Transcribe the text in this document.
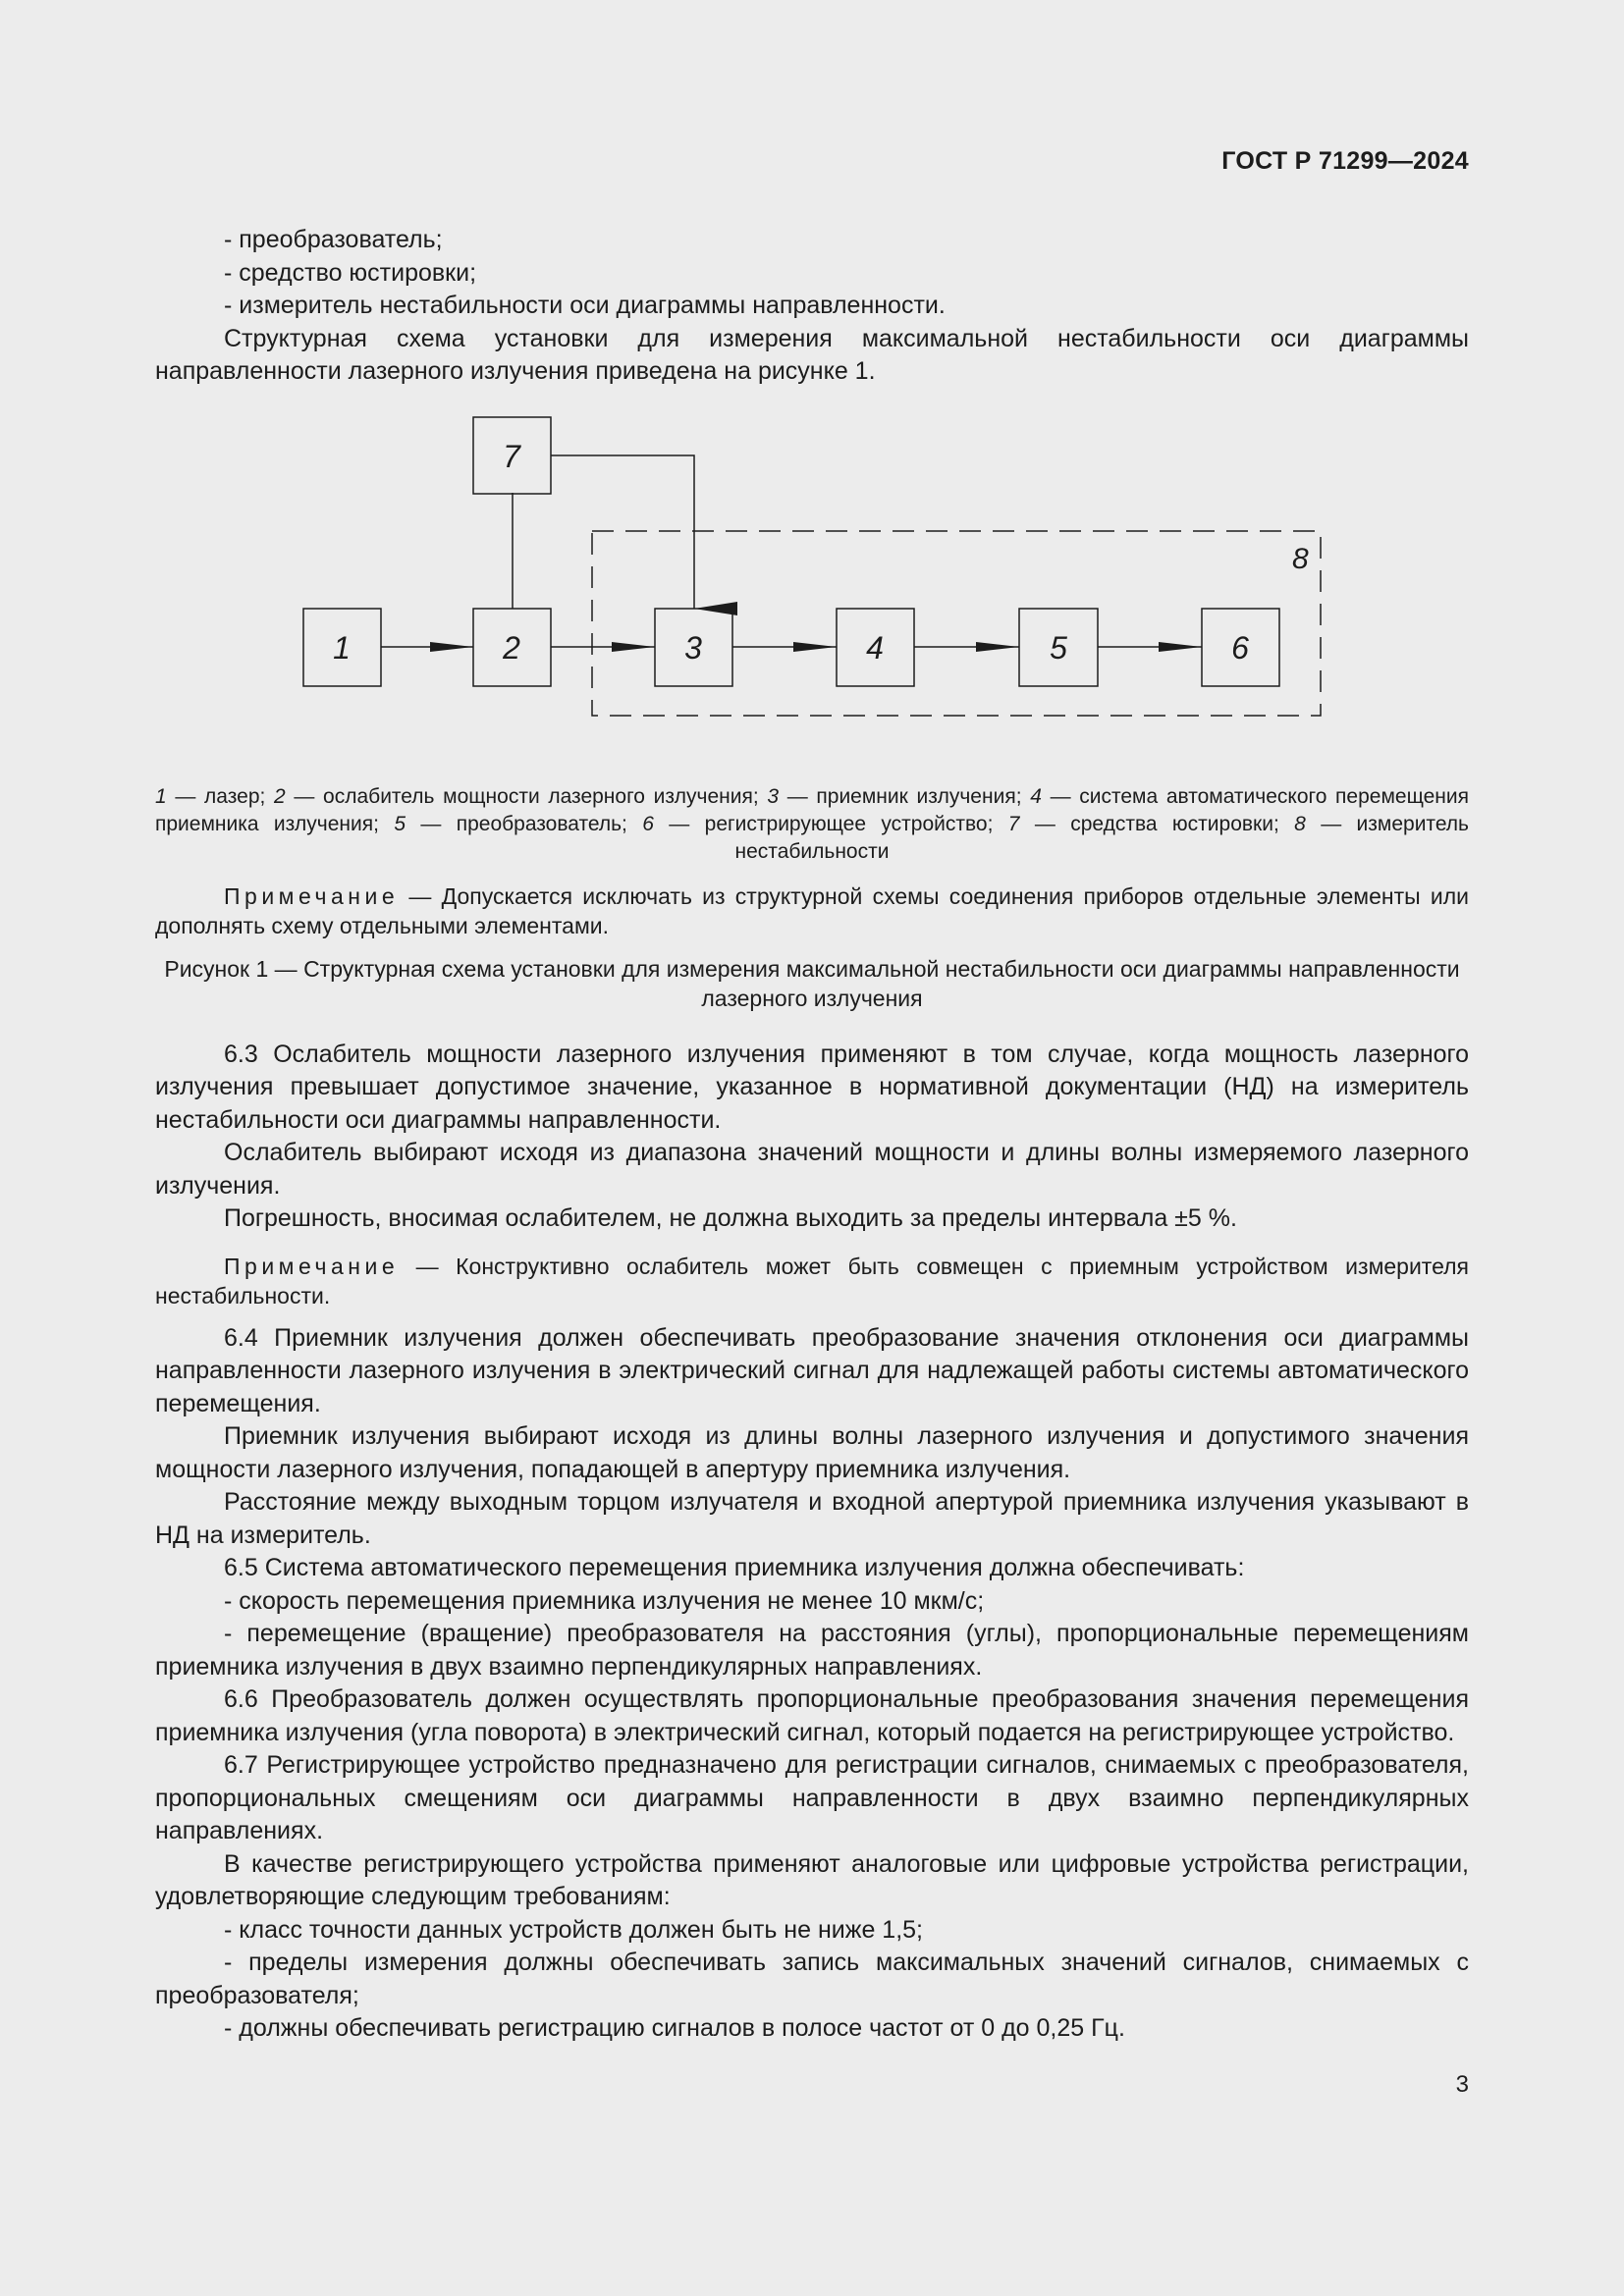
ГОСТ Р 71299—2024

- преобразователь;

- средство юстировки;

- измеритель нестабильности оси диаграммы направленности.

Структурная схема установки для измерения максимальной нестабильности оси диаграммы направленности лазерного излучения приведена на рисунке 1.

8
1	2	3	4	5	6
7

1 — лазер; 2 — ослабитель мощности лазерного излучения; 3 — приемник излучения; 4 — система автоматического перемещения приемника излучения; 5 — преобразователь; 6 — регистрирующее устройство; 7 — средства юстировки; 8 — измеритель нестабильности

Примечание — Допускается исключать из структурной схемы соединения приборов отдельные элементы или дополнять схему отдельными элементами.

Рисунок 1 — Структурная схема установки для измерения максимальной нестабильности оси диаграммы направленности лазерного излучения

6.3 Ослабитель мощности лазерного излучения применяют в том случае, когда мощность лазерного излучения превышает допустимое значение, указанное в нормативной документации (НД) на измеритель нестабильности оси диаграммы направленности.

Ослабитель выбирают исходя из диапазона значений мощности и длины волны измеряемого лазерного излучения.

Погрешность, вносимая ослабителем, не должна выходить за пределы интервала ±5 %.

Примечание — Конструктивно ослабитель может быть совмещен с приемным устройством измерителя нестабильности.

6.4 Приемник излучения должен обеспечивать преобразование значения отклонения оси диаграммы направленности лазерного излучения в электрический сигнал для надлежащей работы системы автоматического перемещения.

Приемник излучения выбирают исходя из длины волны лазерного излучения и допустимого значения мощности лазерного излучения, попадающей в апертуру приемника излучения.

Расстояние между выходным торцом излучателя и входной апертурой приемника излучения указывают в НД на измеритель.

6.5 Система автоматического перемещения приемника излучения должна обеспечивать:

- скорость перемещения приемника излучения не менее 10 мкм/с;

- перемещение (вращение) преобразователя на расстояния (углы), пропорциональные перемещениям приемника излучения в двух взаимно перпендикулярных направлениях.

6.6 Преобразователь должен осуществлять пропорциональные преобразования значения перемещения приемника излучения (угла поворота) в электрический сигнал, который подается на регистрирующее устройство.

6.7 Регистрирующее устройство предназначено для регистрации сигналов, снимаемых с преобразователя, пропорциональных смещениям оси диаграммы направленности в двух взаимно перпендикулярных направлениях.

В качестве регистрирующего устройства применяют аналоговые или цифровые устройства регистрации, удовлетворяющие следующим требованиям:

- класс точности данных устройств должен быть не ниже 1,5;

- пределы измерения должны обеспечивать запись максимальных значений сигналов, снимаемых с преобразователя;

- должны обеспечивать регистрацию сигналов в полосе частот от 0 до 0,25 Гц.

3
